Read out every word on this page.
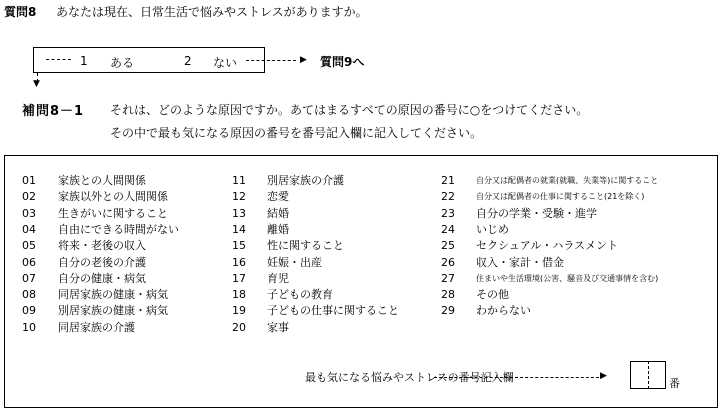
質問8 あなたは現在、日常生活で悩みやストレスがありますか。
1 ある	2 ない	▶ 質問9へ
▼
補問8－1 それは、どのような原因ですか。あてはまるすべての原因の番号に○をつけてください。
その中で最も気になる原因の番号を番号記入欄に記入してください。
01 家族との人間関係
02 家族以外との人間関係
03 生きがいに関すること
04 自由にできる時間がない
05 将来・老後の収入
06 自分の老後の介護
07 自分の健康・病気
08 同居家族の健康・病気
09 別居家族の健康・病気
10 同居家族の介護
11 別居家族の介護
12 恋愛
13 結婚
14 離婚
15 性に関すること
16 妊娠・出産
17 育児
18 子どもの教育
19 子どもの仕事に関すること
20 家事
21	自分又は配偶者の就業(就職、失業等)に関すること
22	自分又は配偶者の仕事に関すること(21を除く)
23 自分の学業・受験・進学
24 いじめ
25 セクシュアル・ハラスメント
26 収入・家計・借金
27	住まいや生活環境(公害、騒音及び交通事情を含む)
28 その他
29 わからない
最も気になる悩みやストレスの番号記入欄	▶
番
